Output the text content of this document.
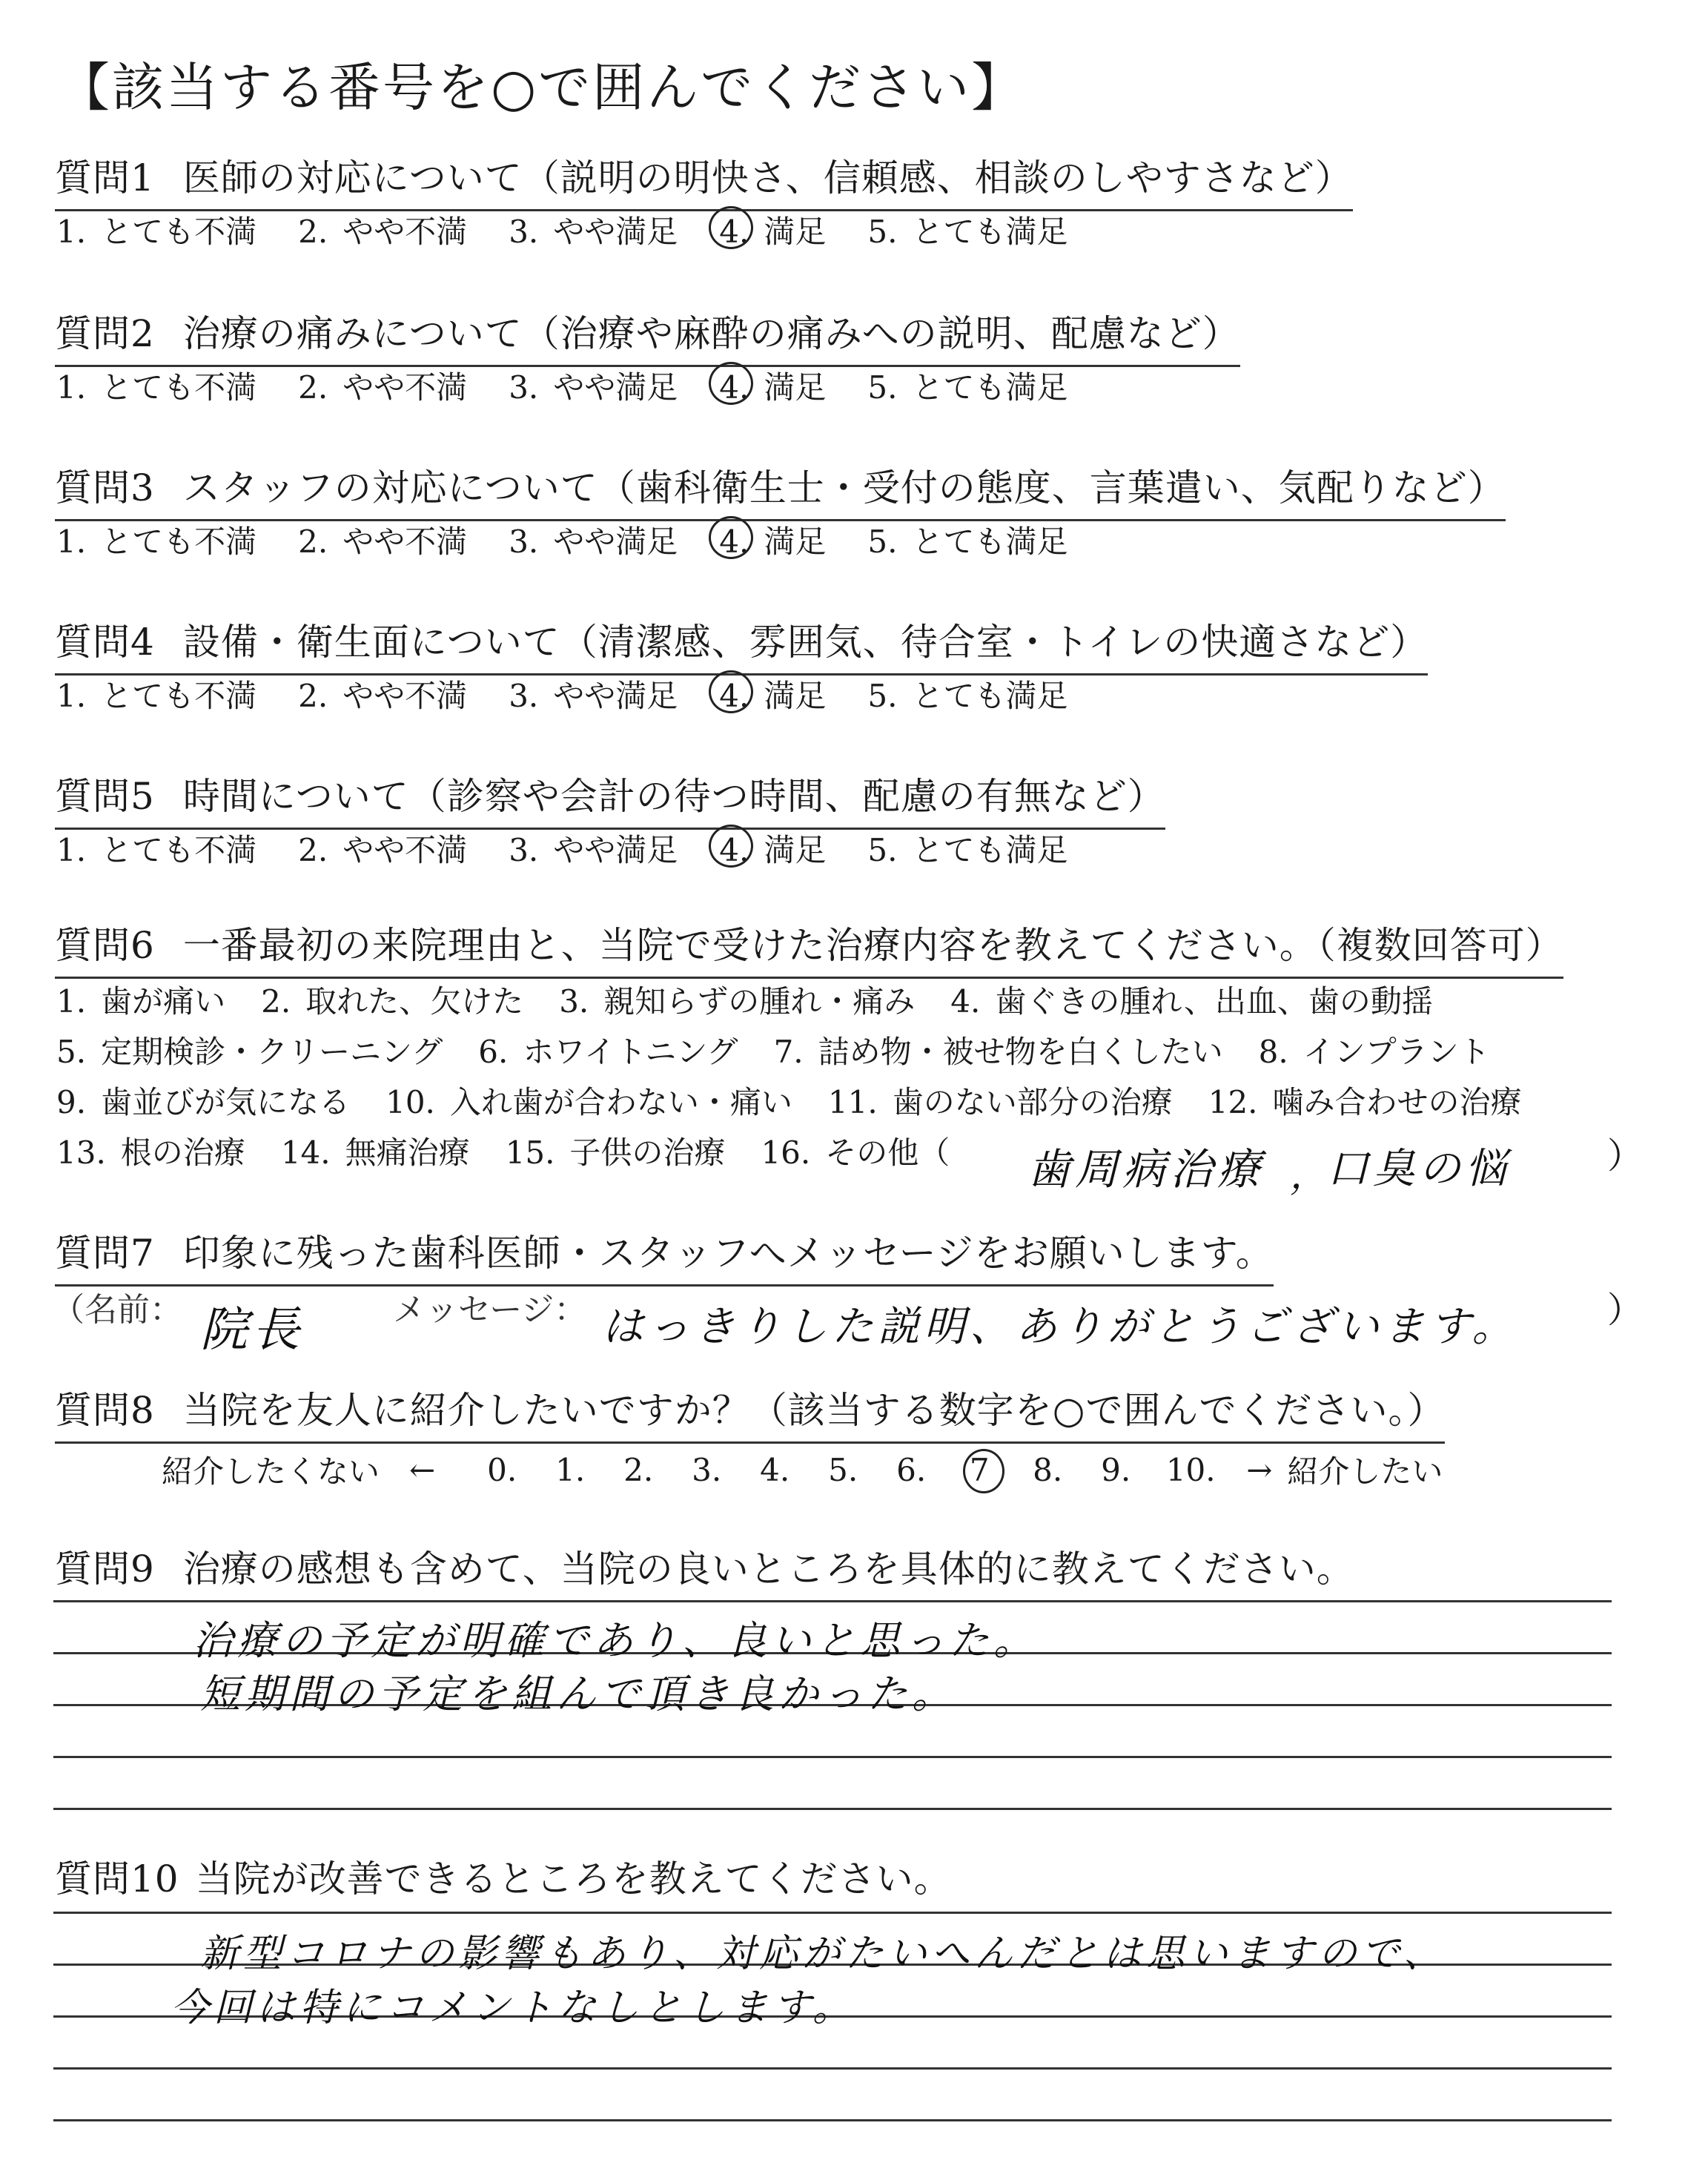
【該当する番号を○で囲んでください】
質問1 医師の対応について（説明の明快さ、信頼感、相談のしやすさなど）
1. とても不満 2. やや不満 3. やや満足 4. 満足 5. とても満足
質問2 治療の痛みについて（治療や麻酔の痛みへの説明、配慮など）
1. とても不満 2. やや不満 3. やや満足 4. 満足 5. とても満足
質問3 スタッフの対応について（歯科衛生士・受付の態度、言葉遣い、気配りなど）
1. とても不満 2. やや不満 3. やや満足 4. 満足 5. とても満足
質問4 設備・衛生面について（清潔感、雰囲気、待合室・トイレの快適さなど）
1. とても不満 2. やや不満 3. やや満足 4. 満足 5. とても満足
質問5 時間について（診察や会計の待つ時間、配慮の有無など）
1. とても不満 2. やや不満 3. やや満足 4. 満足 5. とても満足
質問6 一番最初の来院理由と、当院で受けた治療内容を教えてください。（複数回答可）
1. 歯が痛い 2. 取れた、欠けた 3. 親知らずの腫れ・痛み 4. 歯ぐきの腫れ、出血、歯の動揺
5. 定期検診・クリーニング 6. ホワイトニング 7. 詰め物・被せ物を白くしたい 8. インプラント
9. 歯並びが気になる 10. 入れ歯が合わない・痛い 11. 歯のない部分の治療 12. 噛み合わせの治療
13. 根の治療 14. 無痛治療 15. 子供の治療 16. その他（ 歯周病治療 ，
口臭の悩	）
質問7 印象に残った歯科医師・スタッフへメッセージをお願いします。
（名前： 院長	メッセージ： はっきりした説明、ありがとうございます。	）
質問8 当院を友人に紹介したいですか？（該当する数字を○で囲んでください。）
紹介したくない ←	0.	1.	2.	3.	4.	5.	6.	7	8.	9.	10. → 紹介したい
質問9 治療の感想も含めて、当院の良いところを具体的に教えてください。
治療の予定が明確であり、良いと思った。
短期間の予定を組んで頂き良かった。
質問10 当院が改善できるところを教えてください。
新型コロナの影響もあり、対応がたいへんだとは思いますので、
今回は特にコメントなしとします。
